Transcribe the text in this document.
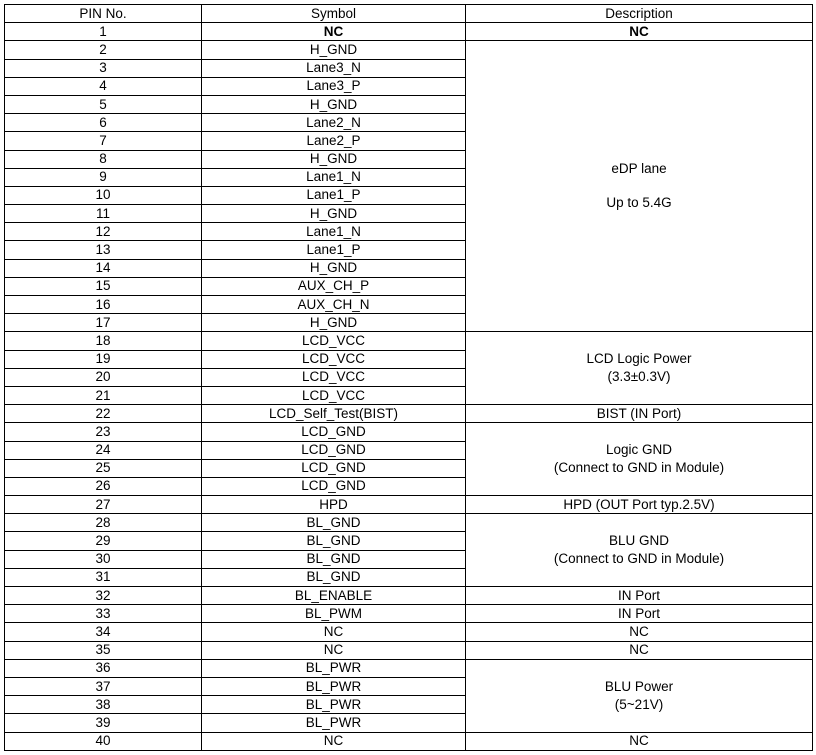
PIN No.	Symbol	Description
1	NC	NC
2	H_GND	eDP lane
Up to 5.4G

3	Lane3_N	
4	Lane3_P	
5	H_GND	
6	Lane2_N	
7	Lane2_P	
8	H_GND	
9	Lane1_N	
10	Lane1_P	
11	H_GND	
12	Lane1_N	
13	Lane1_P	
14	H_GND	
15	AUX_CH_P	
16	AUX_CH_N	
17	H_GND	
18	LCD_VCC	LCD Logic Power
(3.3±0.3V)

19	LCD_VCC	
20	LCD_VCC	
21	LCD_VCC	
22	LCD_Self_Test(BIST)	BIST (IN Port)
23	LCD_GND	Logic GND
(Connect to GND in Module)

24	LCD_GND	
25	LCD_GND	
26	LCD_GND	
27	HPD	HPD (OUT Port typ.2.5V)
28	BL_GND	BLU GND
(Connect to GND in Module)

29	BL_GND	
30	BL_GND	
31	BL_GND	
32	BL_ENABLE	IN Port
33	BL_PWM	IN Port
34	NC	NC
35	NC	NC
36	BL_PWR	BLU Power
(5~21V)

37	BL_PWR	
38	BL_PWR	
39	BL_PWR	
40	NC	NC
